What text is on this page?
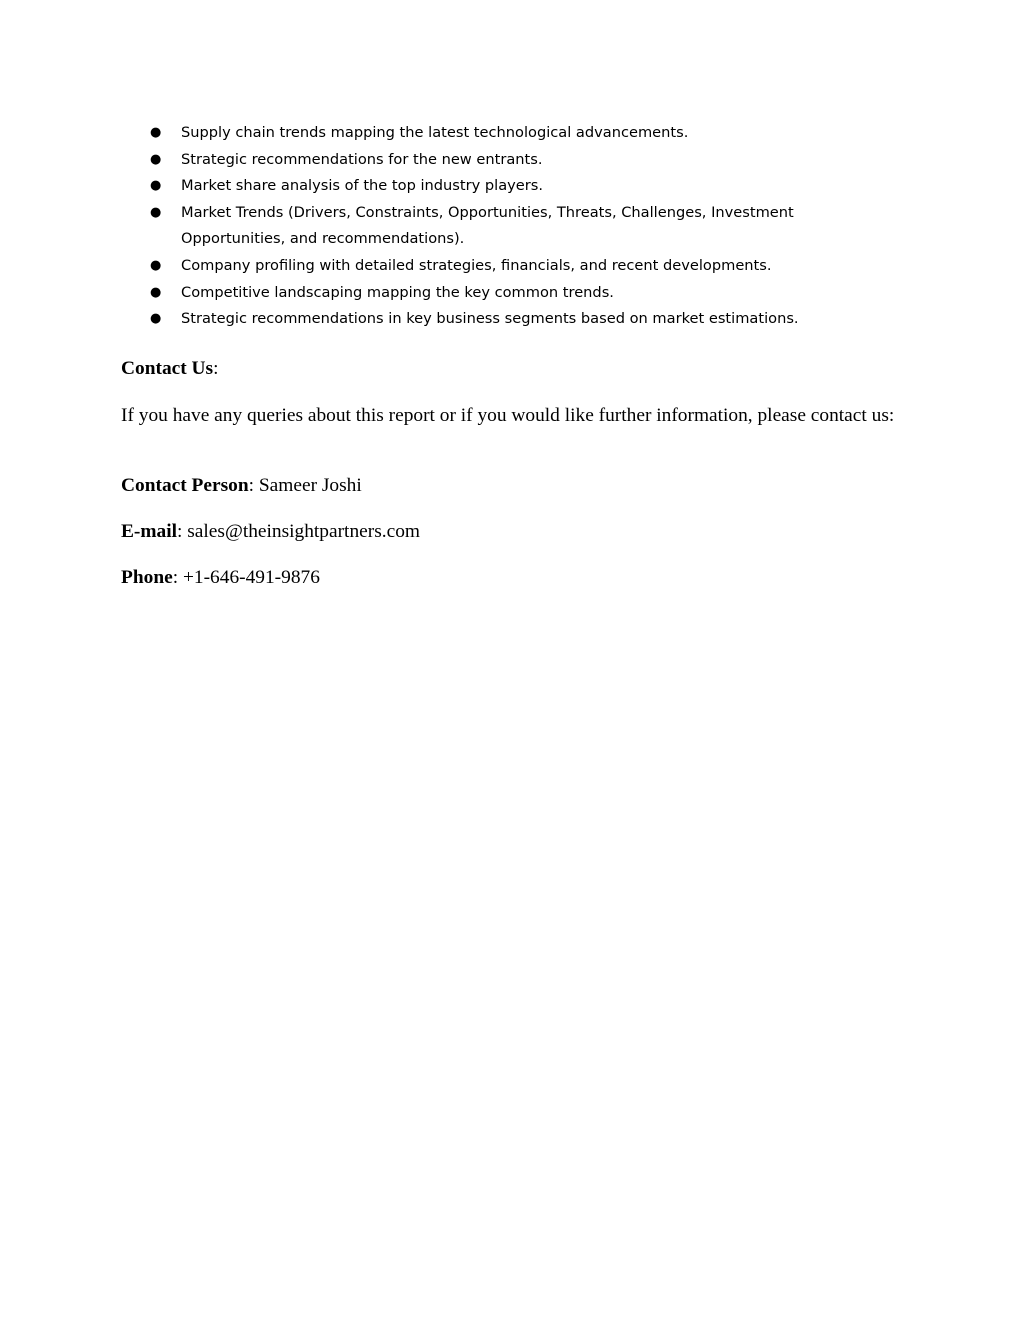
●
Supply chain trends mapping the latest technological advancements.
●
Strategic recommendations for the new entrants.
●
Market share analysis of the top industry players.
●
Market Trends (Drivers, Constraints, Opportunities, Threats, Challenges, Investment Opportunities, and recommendations).
●
Company profiling with detailed strategies, financials, and recent developments.
●
Competitive landscaping mapping the key common trends.
●
Strategic recommendations in key business segments based on market estimations.

Contact Us:

If you have any queries about this report or if you would like further information, please contact us:

Contact Person: Sameer Joshi

E-mail: sales@theinsightpartners.com

Phone: +1-646-491-9876
